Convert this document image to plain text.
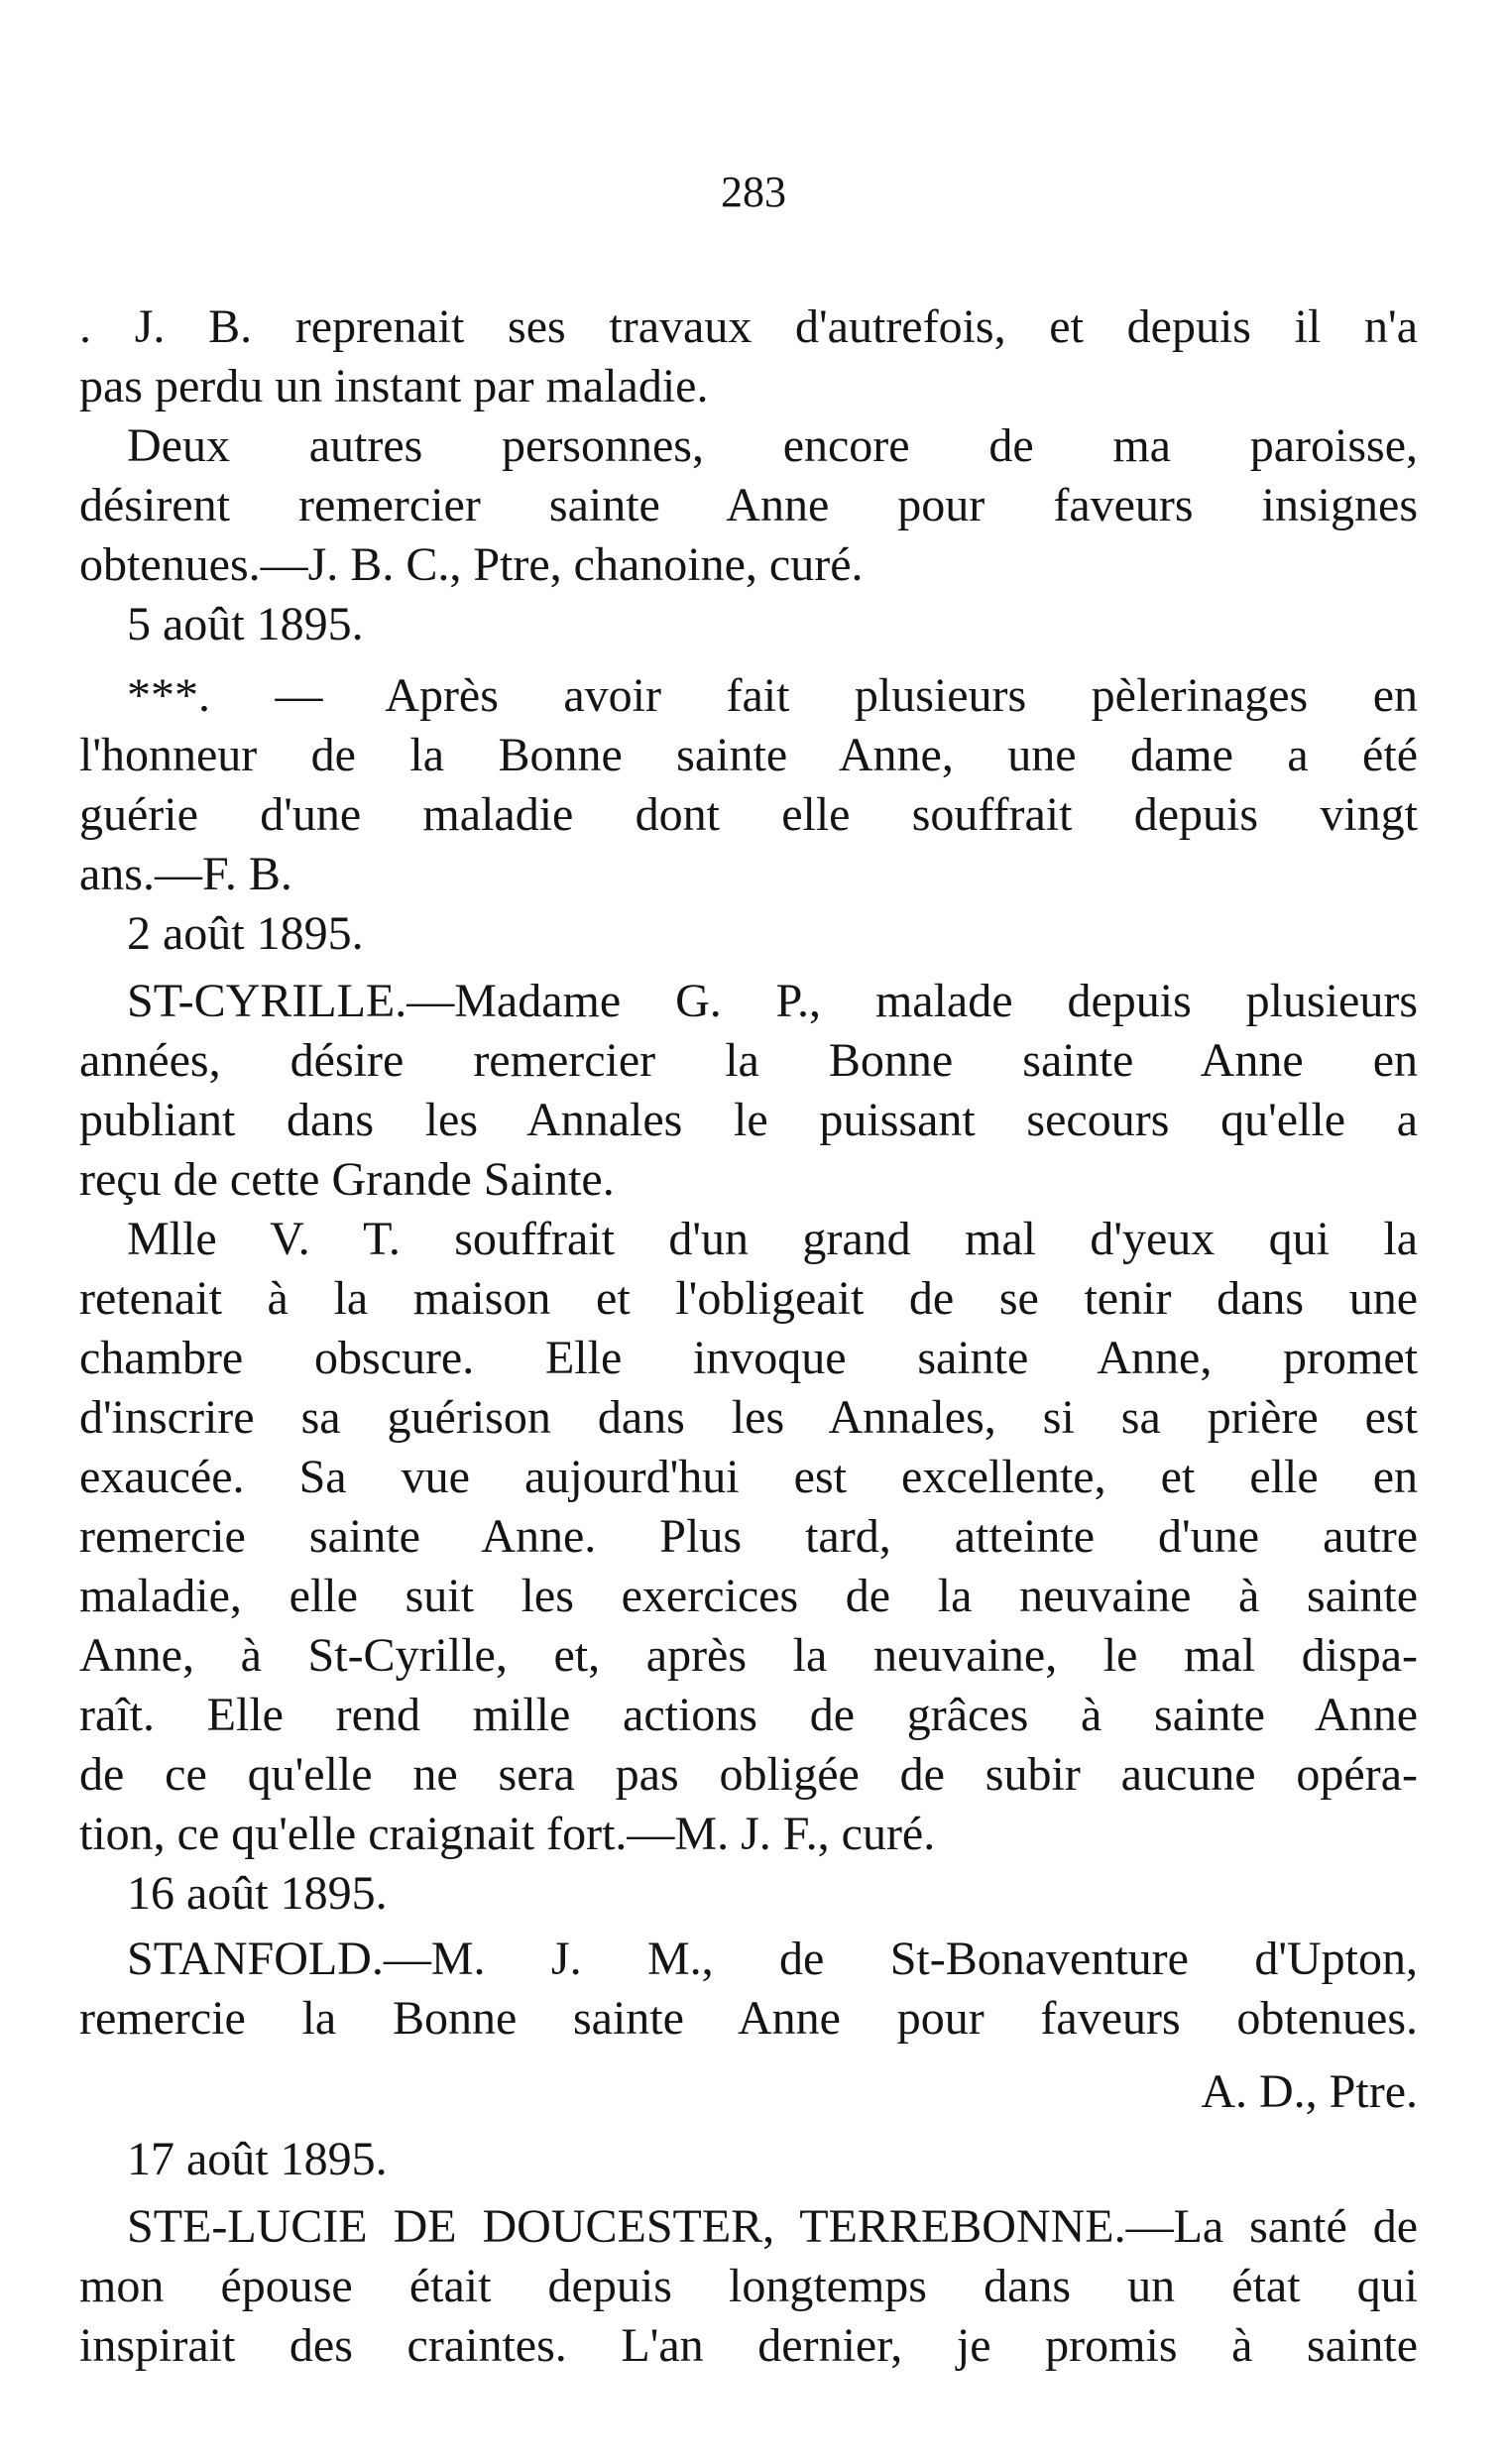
283
. J. B. reprenait ses travaux d'autrefois, et depuis il n'a
pas perdu un instant par maladie.
Deux autres personnes, encore de ma paroisse,
désirent remercier sainte Anne pour faveurs insignes
obtenues.—J. B. C., Ptre, chanoine, curé.
5 août 1895.
***. — Après avoir fait plusieurs pèlerinages en
l'honneur de la Bonne sainte Anne, une dame a été
guérie d'une maladie dont elle souffrait depuis vingt
ans.—F. B.
2 août 1895.
ST-CYRILLE.—Madame G. P., malade depuis plusieurs
années, désire remercier la Bonne sainte Anne en
publiant dans les Annales le puissant secours qu'elle a
reçu de cette Grande Sainte.
Mlle V. T. souffrait d'un grand mal d'yeux qui la
retenait à la maison et l'obligeait de se tenir dans une
chambre obscure. Elle invoque sainte Anne, promet
d'inscrire sa guérison dans les Annales, si sa prière est
exaucée. Sa vue aujourd'hui est excellente, et elle en
remercie sainte Anne. Plus tard, atteinte d'une autre
maladie, elle suit les exercices de la neuvaine à sainte
Anne, à St-Cyrille, et, après la neuvaine, le mal dispa-
raît. Elle rend mille actions de grâces à sainte Anne
de ce qu'elle ne sera pas obligée de subir aucune opéra-
tion, ce qu'elle craignait fort.—M. J. F., curé.
16 août 1895.
STANFOLD.—M. J. M., de St-Bonaventure d'Upton,
remercie la Bonne sainte Anne pour faveurs obtenues.
A. D., Ptre.
17 août 1895.
STE-LUCIE DE DOUCESTER, TERREBONNE.—La santé de
mon épouse était depuis longtemps dans un état qui
inspirait des craintes. L'an dernier, je promis à sainte
